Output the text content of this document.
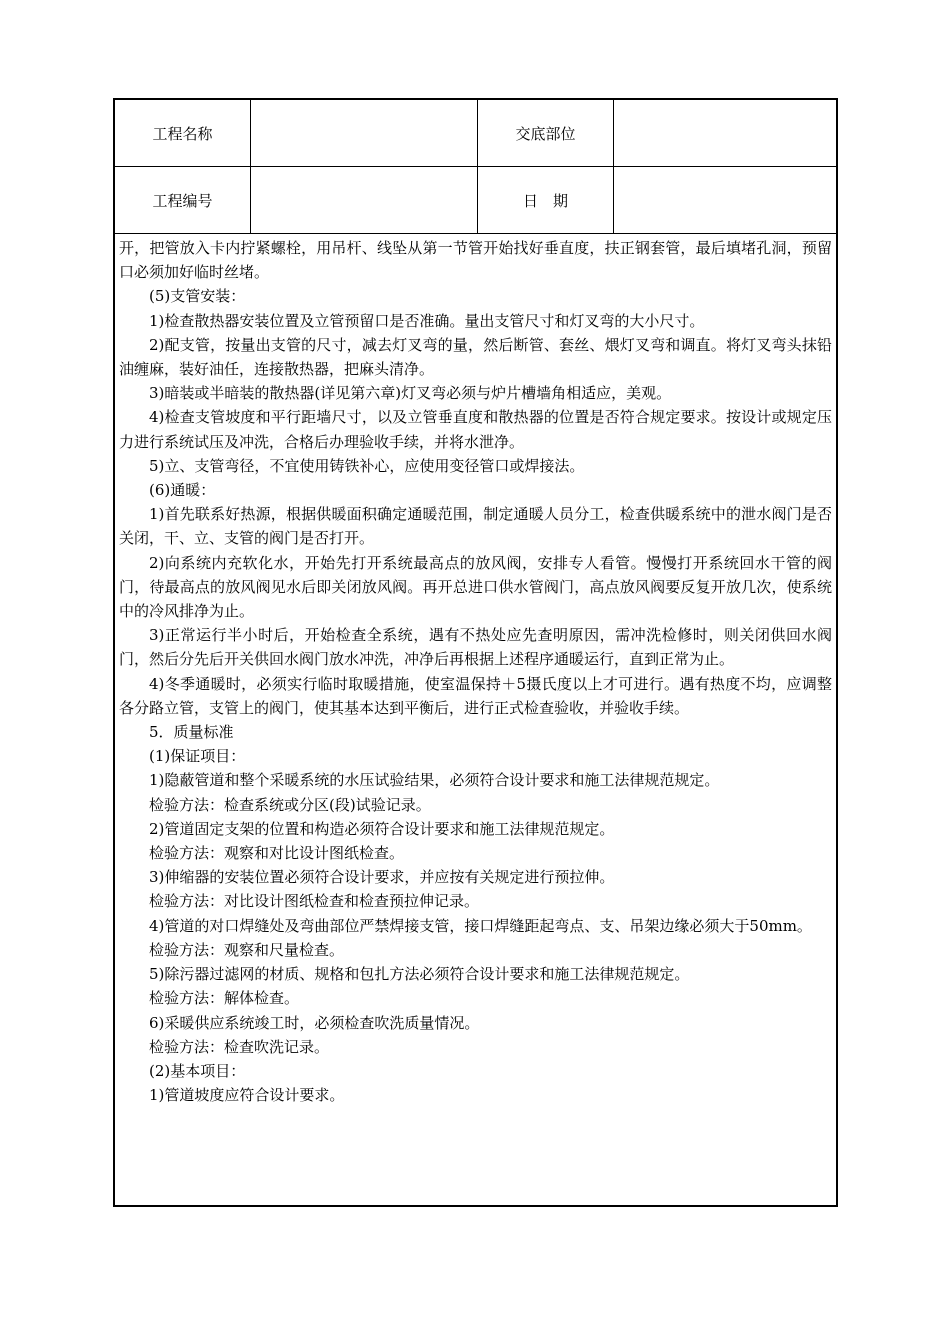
工程名称		交底部位	
工程编号		日　期	

开，把管放入卡内拧紧螺栓，用吊杆、线坠从第一节管开始找好垂直度，扶正钢套管，最后填堵孔洞，预留口必须加好临时丝堵。

(5)支管安装：

1)检查散热器安装位置及立管预留口是否准确。量出支管尺寸和灯叉弯的大小尺寸。

2)配支管，按量出支管的尺寸，减去灯叉弯的量，然后断管、套丝、煨灯叉弯和调直。将灯叉弯头抹铅油缠麻，装好油任，连接散热器，把麻头清净。

3)暗装或半暗装的散热器(详见第六章)灯叉弯必须与炉片槽墙角相适应，美观。

4)检查支管坡度和平行距墙尺寸，以及立管垂直度和散热器的位置是否符合规定要求。按设计或规定压力进行系统试压及冲洗，合格后办理验收手续，并将水泄净。

5)立、支管弯径，不宜使用铸铁补心，应使用变径管口或焊接法。

(6)通暖：

1)首先联系好热源，根据供暖面积确定通暖范围，制定通暖人员分工，检查供暖系统中的泄水阀门是否关闭，干、立、支管的阀门是否打开。

2)向系统内充软化水，开始先打开系统最高点的放风阀，安排专人看管。慢慢打开系统回水干管的阀门，待最高点的放风阀见水后即关闭放风阀。再开总进口供水管阀门，高点放风阀要反复开放几次，使系统中的冷风排净为止。

3)正常运行半小时后，开始检查全系统，遇有不热处应先查明原因，需冲洗检修时，则关闭供回水阀门，然后分先后开关供回水阀门放水冲洗，冲净后再根据上述程序通暖运行，直到正常为止。

4)冬季通暖时，必须实行临时取暖措施，使室温保持＋5摄氏度以上才可进行。遇有热度不均，应调整各分路立管，支管上的阀门，使其基本达到平衡后，进行正式检查验收，并验收手续。

5．质量标准

(1)保证项目：

1)隐蔽管道和整个采暖系统的水压试验结果，必须符合设计要求和施工法律规范规定。

检验方法：检查系统或分区(段)试验记录。

2)管道固定支架的位置和构造必须符合设计要求和施工法律规范规定。

检验方法：观察和对比设计图纸检查。

3)伸缩器的安装位置必须符合设计要求，并应按有关规定进行预拉伸。

检验方法：对比设计图纸检查和检查预拉伸记录。

4)管道的对口焊缝处及弯曲部位严禁焊接支管，接口焊缝距起弯点、支、吊架边缘必须大于50mm。

检验方法：观察和尺量检查。

5)除污器过滤网的材质、规格和包扎方法必须符合设计要求和施工法律规范规定。

检验方法：解体检查。

6)采暖供应系统竣工时，必须检查吹洗质量情况。

检验方法：检查吹洗记录。

(2)基本项目：

1)管道坡度应符合设计要求。
